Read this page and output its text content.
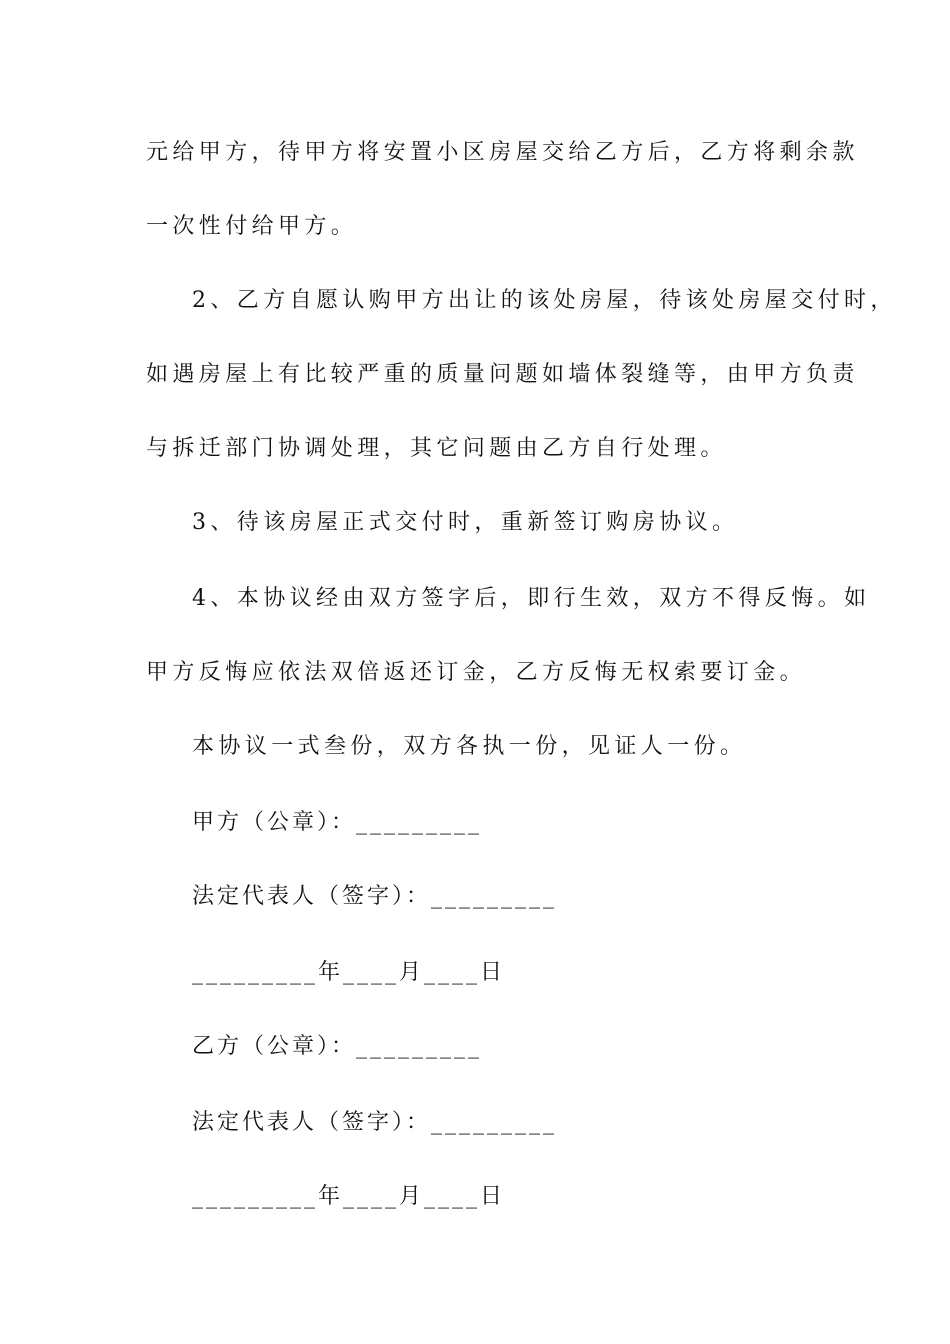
元给甲方，待甲方将安置小区房屋交给乙方后，乙方将剩余款
一次性付给甲方。
2、乙方自愿认购甲方出让的该处房屋，待该处房屋交付时，
如遇房屋上有比较严重的质量问题如墙体裂缝等，由甲方负责
与拆迁部门协调处理，其它问题由乙方自行处理。
3、待该房屋正式交付时，重新签订购房协议。
4、本协议经由双方签字后，即行生效，双方不得反悔。如
甲方反悔应依法双倍返还订金，乙方反悔无权索要订金。
本协议一式叁份，双方各执一份，见证人一份。
甲方（公章）：_________
法定代表人（签字）：_________
_________年____月____日
乙方（公章）：_________
法定代表人（签字）：_________
_________年____月____日
